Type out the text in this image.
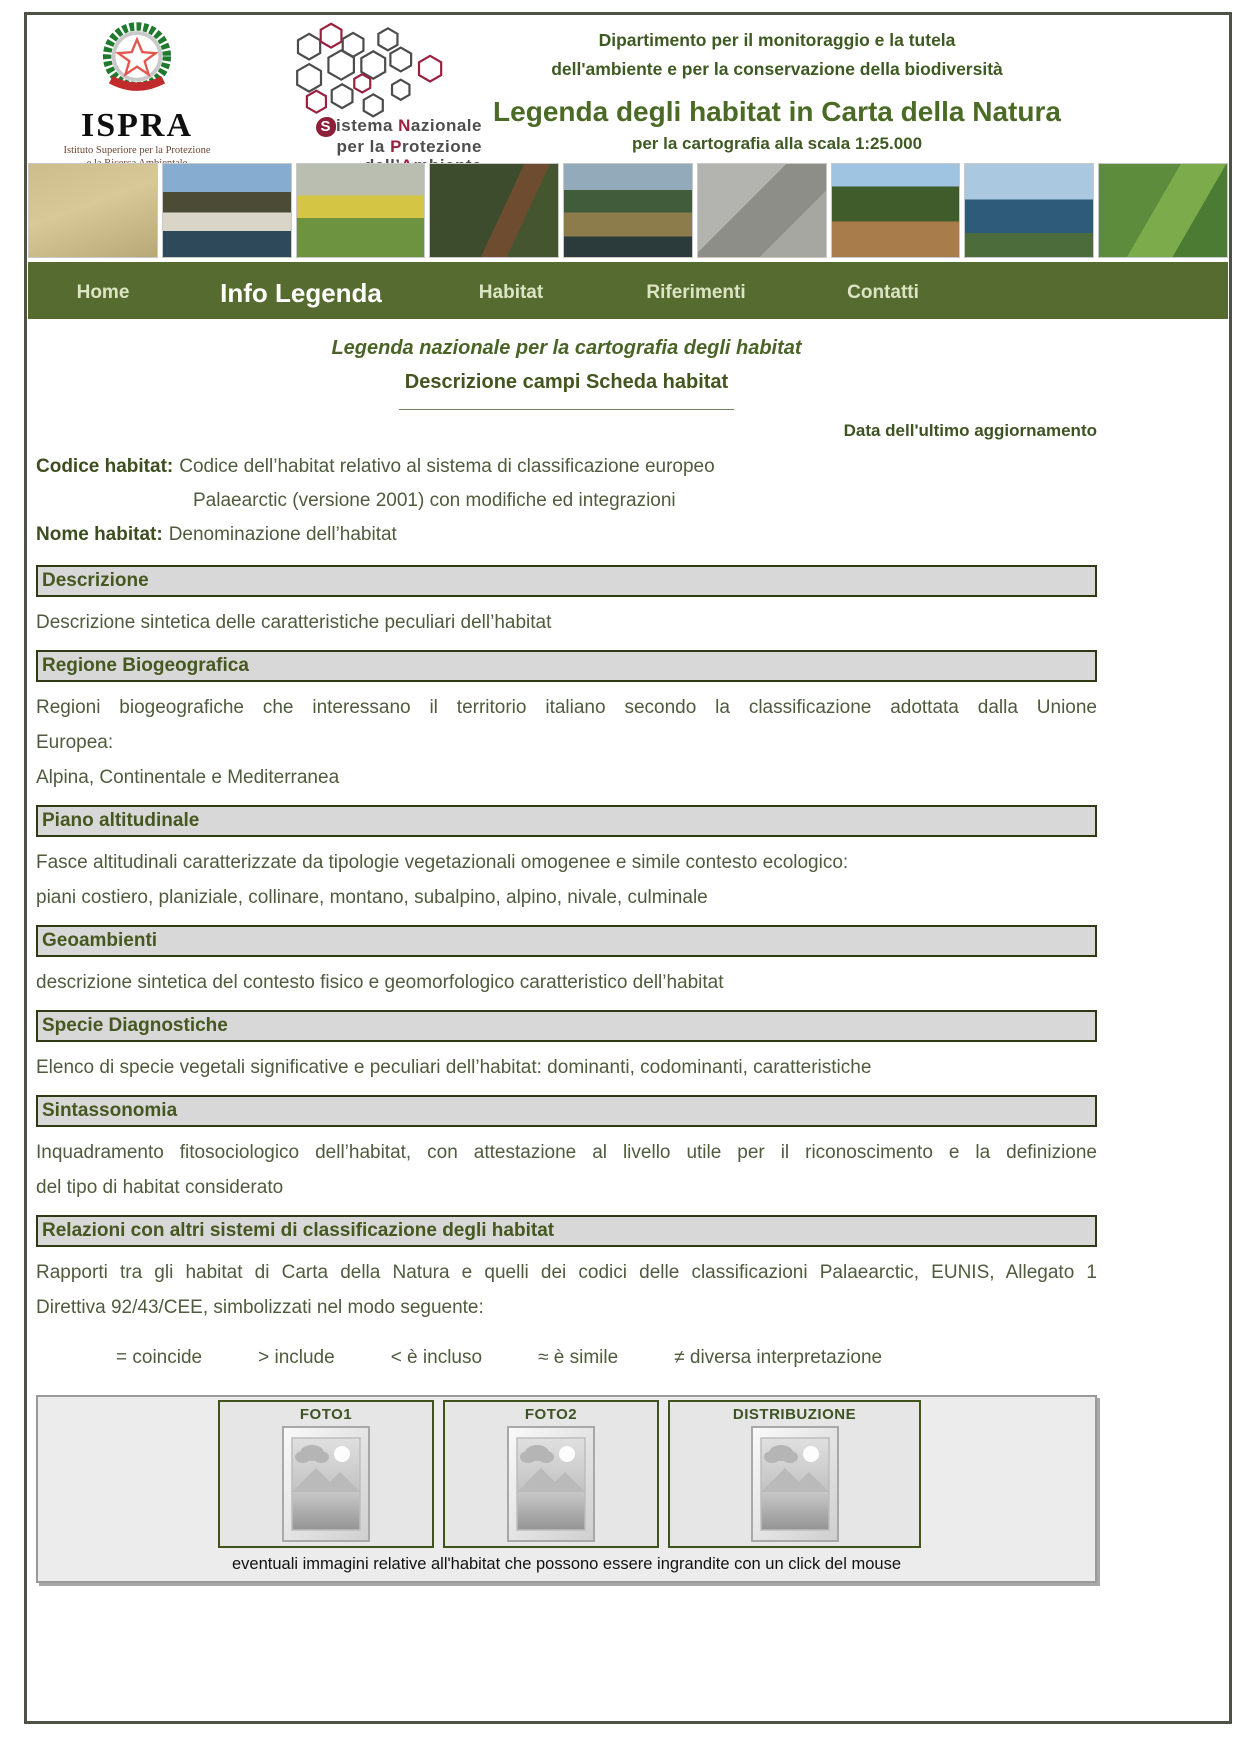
ISPRA
Istituto Superiore per la Protezione
S istema Nazionale
per la Protezione
Dipartimento per il monitoraggio e la tutela
dell'ambiente e per la conservazione della biodiversità
Legenda degli habitat in Carta della Natura
per la cartografia alla scala 1:25.000
Home	Info Legenda	Habitat	Riferimenti	Contatti
Legenda nazionale per la cartografia degli habitat
Descrizione campi Scheda habitat
Data dell'ultimo aggiornamento

Codice habitat: Codice dell’habitat relativo al sistema di classificazione europeo

Palaearctic (versione 2001) con modifiche ed integrazioni

Nome habitat: Denominazione dell’habitat

Descrizione

Descrizione sintetica delle caratteristiche peculiari dell’habitat

Regione Biogeografica

Regioni biogeografiche che interessano il territorio italiano secondo la classificazione adottata dalla Unione

Europea:

Alpina, Continentale e Mediterranea

Piano altitudinale

Fasce altitudinali caratterizzate da tipologie vegetazionali omogenee e simile contesto ecologico:

piani costiero, planiziale, collinare, montano, subalpino, alpino, nivale, culminale

Geoambienti

descrizione sintetica del contesto fisico e geomorfologico caratteristico dell’habitat

Specie Diagnostiche

Elenco di specie vegetali significative e peculiari dell’habitat: dominanti, codominanti, caratteristiche

Sintassonomia

Inquadramento fitosociologico dell’habitat, con attestazione al livello utile per il riconoscimento e la definizione

del tipo di habitat considerato

Relazioni con altri sistemi di classificazione degli habitat

Rapporti tra gli habitat di Carta della Natura e quelli dei codici delle classificazioni Palaearctic, EUNIS, Allegato 1

Direttiva 92/43/CEE, simbolizzati nel modo seguente:

= coincide	> include	< è incluso	≈ è simile	≠ diversa interpretazione
FOTO1	FOTO2	DISTRIBUZIONE
eventuali immagini relative all'habitat che possono essere ingrandite con un click del mouse
